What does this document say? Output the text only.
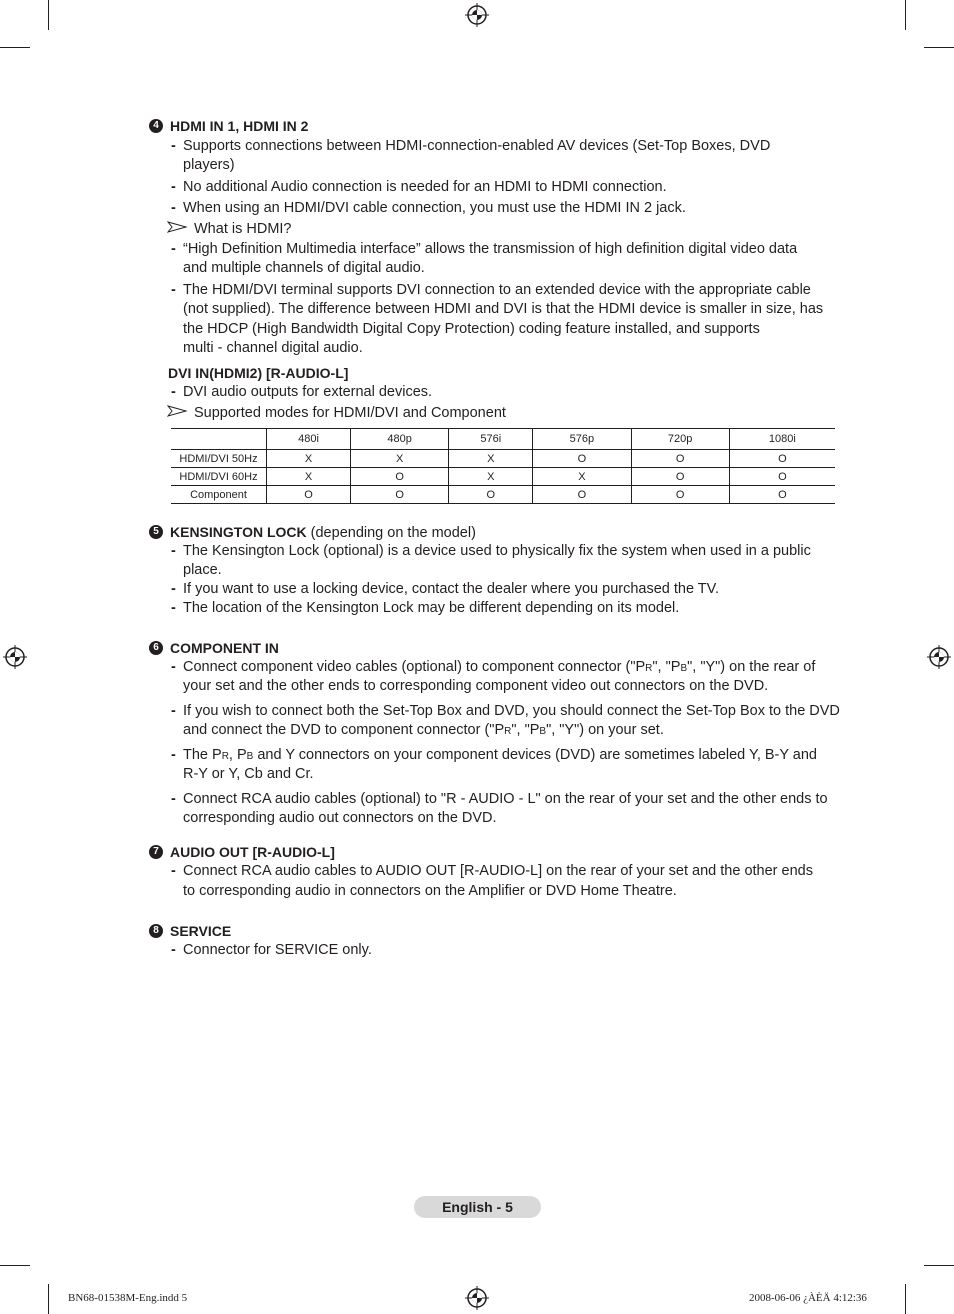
4 HDMI IN 1, HDMI IN 2
- Supports connections between HDMI-connection-enabled AV devices (Set-Top Boxes, DVD
players)
- No additional Audio connection is needed for an HDMI to HDMI connection.
- When using an HDMI/DVI cable connection, you must use the HDMI IN 2 jack.
What is HDMI?
- “High Definition Multimedia interface” allows the transmission of high definition digital video data
and multiple channels of digital audio.
- The HDMI/DVI terminal supports DVI connection to an extended device with the appropriate cable
(not supplied). The difference between HDMI and DVI is that the HDMI device is smaller in size, has
the HDCP (High Bandwidth Digital Copy Protection) coding feature installed, and supports
multi - channel digital audio.
DVI IN(HDMI2) [R-AUDIO-L]
- DVI audio outputs for external devices.
Supported modes for HDMI/DVI and Component
	480i	480p	576i	576p	720p	1080i
HDMI/DVI 50Hz	X	X	X	O	O	O
HDMI/DVI 60Hz	X	O	X	X	O	O
Component	O	O	O	O	O	O
5 KENSINGTON LOCK (depending on the model)
- The Kensington Lock (optional) is a device used to physically fix the system when used in a public
place.
- If you want to use a locking device, contact the dealer where you purchased the TV.
- The location of the Kensington Lock may be different depending on its model.
6 COMPONENT IN
- Connect component video cables (optional) to component connector ("PR", "PB", "Y") on the rear of
your set and the other ends to corresponding component video out connectors on the DVD.
- If you wish to connect both the Set-Top Box and DVD, you should connect the Set-Top Box to the DVD
and connect the DVD to component connector ("PR", "PB", "Y") on your set.
- The PR, PB and Y connectors on your component devices (DVD) are sometimes labeled Y, B-Y and
R-Y or Y, Cb and Cr.
- Connect RCA audio cables (optional) to "R - AUDIO - L" on the rear of your set and the other ends to
corresponding audio out connectors on the DVD.
7 AUDIO OUT [R-AUDIO-L]
- Connect RCA audio cables to AUDIO OUT [R-AUDIO-L] on the rear of your set and the other ends
to corresponding audio in connectors on the Amplifier or DVD Home Theatre.
8 SERVICE
- Connector for SERVICE only.
English - 5
BN68-01538M-Eng.indd 5	2008-06-06 ¿ÀÈÄ 4:12:36
